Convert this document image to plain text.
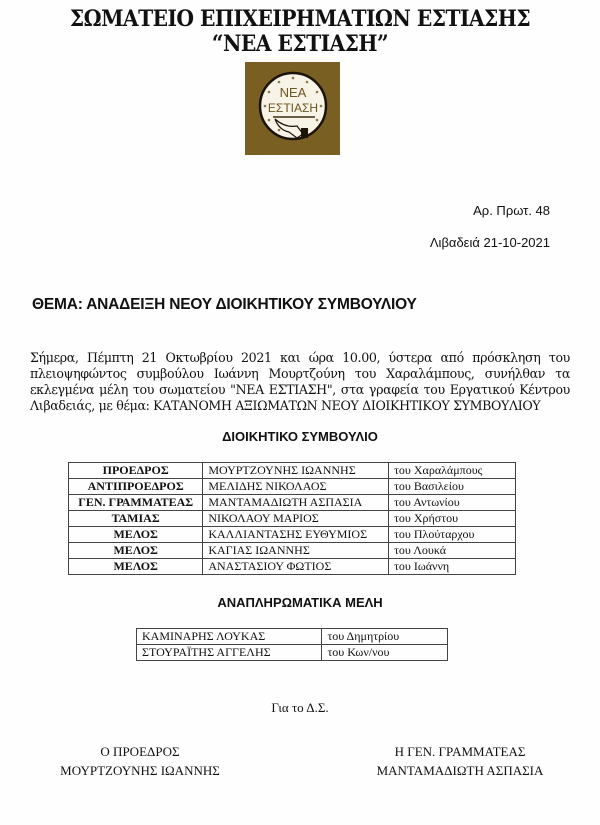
ΣΩΜΑΤΕΙΟ ΕΠΙΧΕΙΡΗΜΑΤΙΩΝ ΕΣΤΙΑΣΗΣ
“ΝΕΑ ΕΣΤΙΑΣΗ”
ΝΕΑ
ΕΣΤΙΑΣΗ
Αρ. Πρωτ. 48
Λιβαδειά 21-10-2021
ΘΕΜΑ: ΑΝΑΔΕΙΞΗ ΝΕΟΥ ΔΙΟΙΚΗΤΙΚΟΥ ΣΥΜΒΟΥΛΙΟΥ
Σήμερα, Πέμπτη 21 Οκτωβρίου 2021 και ώρα 10.00, ύστερα από πρόσκληση του πλειοψηφώντος συμβούλου Ιωάννη Μουρτζούνη του Χαραλάμπους, συνήλθαν τα εκλεγμένα μέλη του σωματείου "ΝΕΑ ΕΣΤΙΑΣΗ", στα γραφεία του Εργατικού Κέντρου Λιβαδειάς, με θέμα: ΚΑΤΑΝΟΜΗ ΑΞΙΩΜΑΤΩΝ ΝΕΟΥ ΔΙΟΙΚΗΤΙΚΟΥ ΣΥΜΒΟΥΛΙΟΥ
ΔΙΟΙΚΗΤΙΚΟ ΣΥΜΒΟΥΛΙΟ
ΠΡΟΕΔΡΟΣ	ΜΟΥΡΤΖΟΥΝΗΣ ΙΩΑΝΝΗΣ	του Χαραλάμπους
ΑΝΤΙΠΡΟΕΔΡΟΣ	ΜΕΛΙΔΗΣ ΝΙΚΟΛΑΟΣ	του Βασιλείου
ΓΕΝ. ΓΡΑΜΜΑΤΕΑΣ	ΜΑΝΤΑΜΑΔΙΩΤΗ ΑΣΠΑΣΙΑ	του Αντωνίου
ΤΑΜΙΑΣ	ΝΙΚΟΛΑΟΥ ΜΑΡΙΟΣ	του Χρήστου
ΜΕΛΟΣ	ΚΑΛΛΙΑΝΤΑΣΗΣ ΕΥΘΥΜΙΟΣ	του Πλούταρχου
ΜΕΛΟΣ	ΚΑΓΙΑΣ ΙΩΑΝΝΗΣ	του Λουκά
ΜΕΛΟΣ	ΑΝΑΣΤΑΣΙΟΥ ΦΩΤΙΟΣ	του Ιωάννη
ΑΝΑΠΛΗΡΩΜΑΤΙΚΑ ΜΕΛΗ
ΚΑΜΙΝΑΡΗΣ ΛΟΥΚΑΣ	του Δημητρίου
ΣΤΟΥΡΑΪΤΗΣ ΑΓΓΕΛΗΣ	του Κων/νου
Για το Δ.Σ.
Ο ΠΡΟΕΔΡΟΣ
ΜΟΥΡΤΖΟΥΝΗΣ ΙΩΑΝΝΗΣ
Η ΓΕΝ. ΓΡΑΜΜΑΤΕΑΣ
ΜΑΝΤΑΜΑΔΙΩΤΗ ΑΣΠΑΣΙΑ
